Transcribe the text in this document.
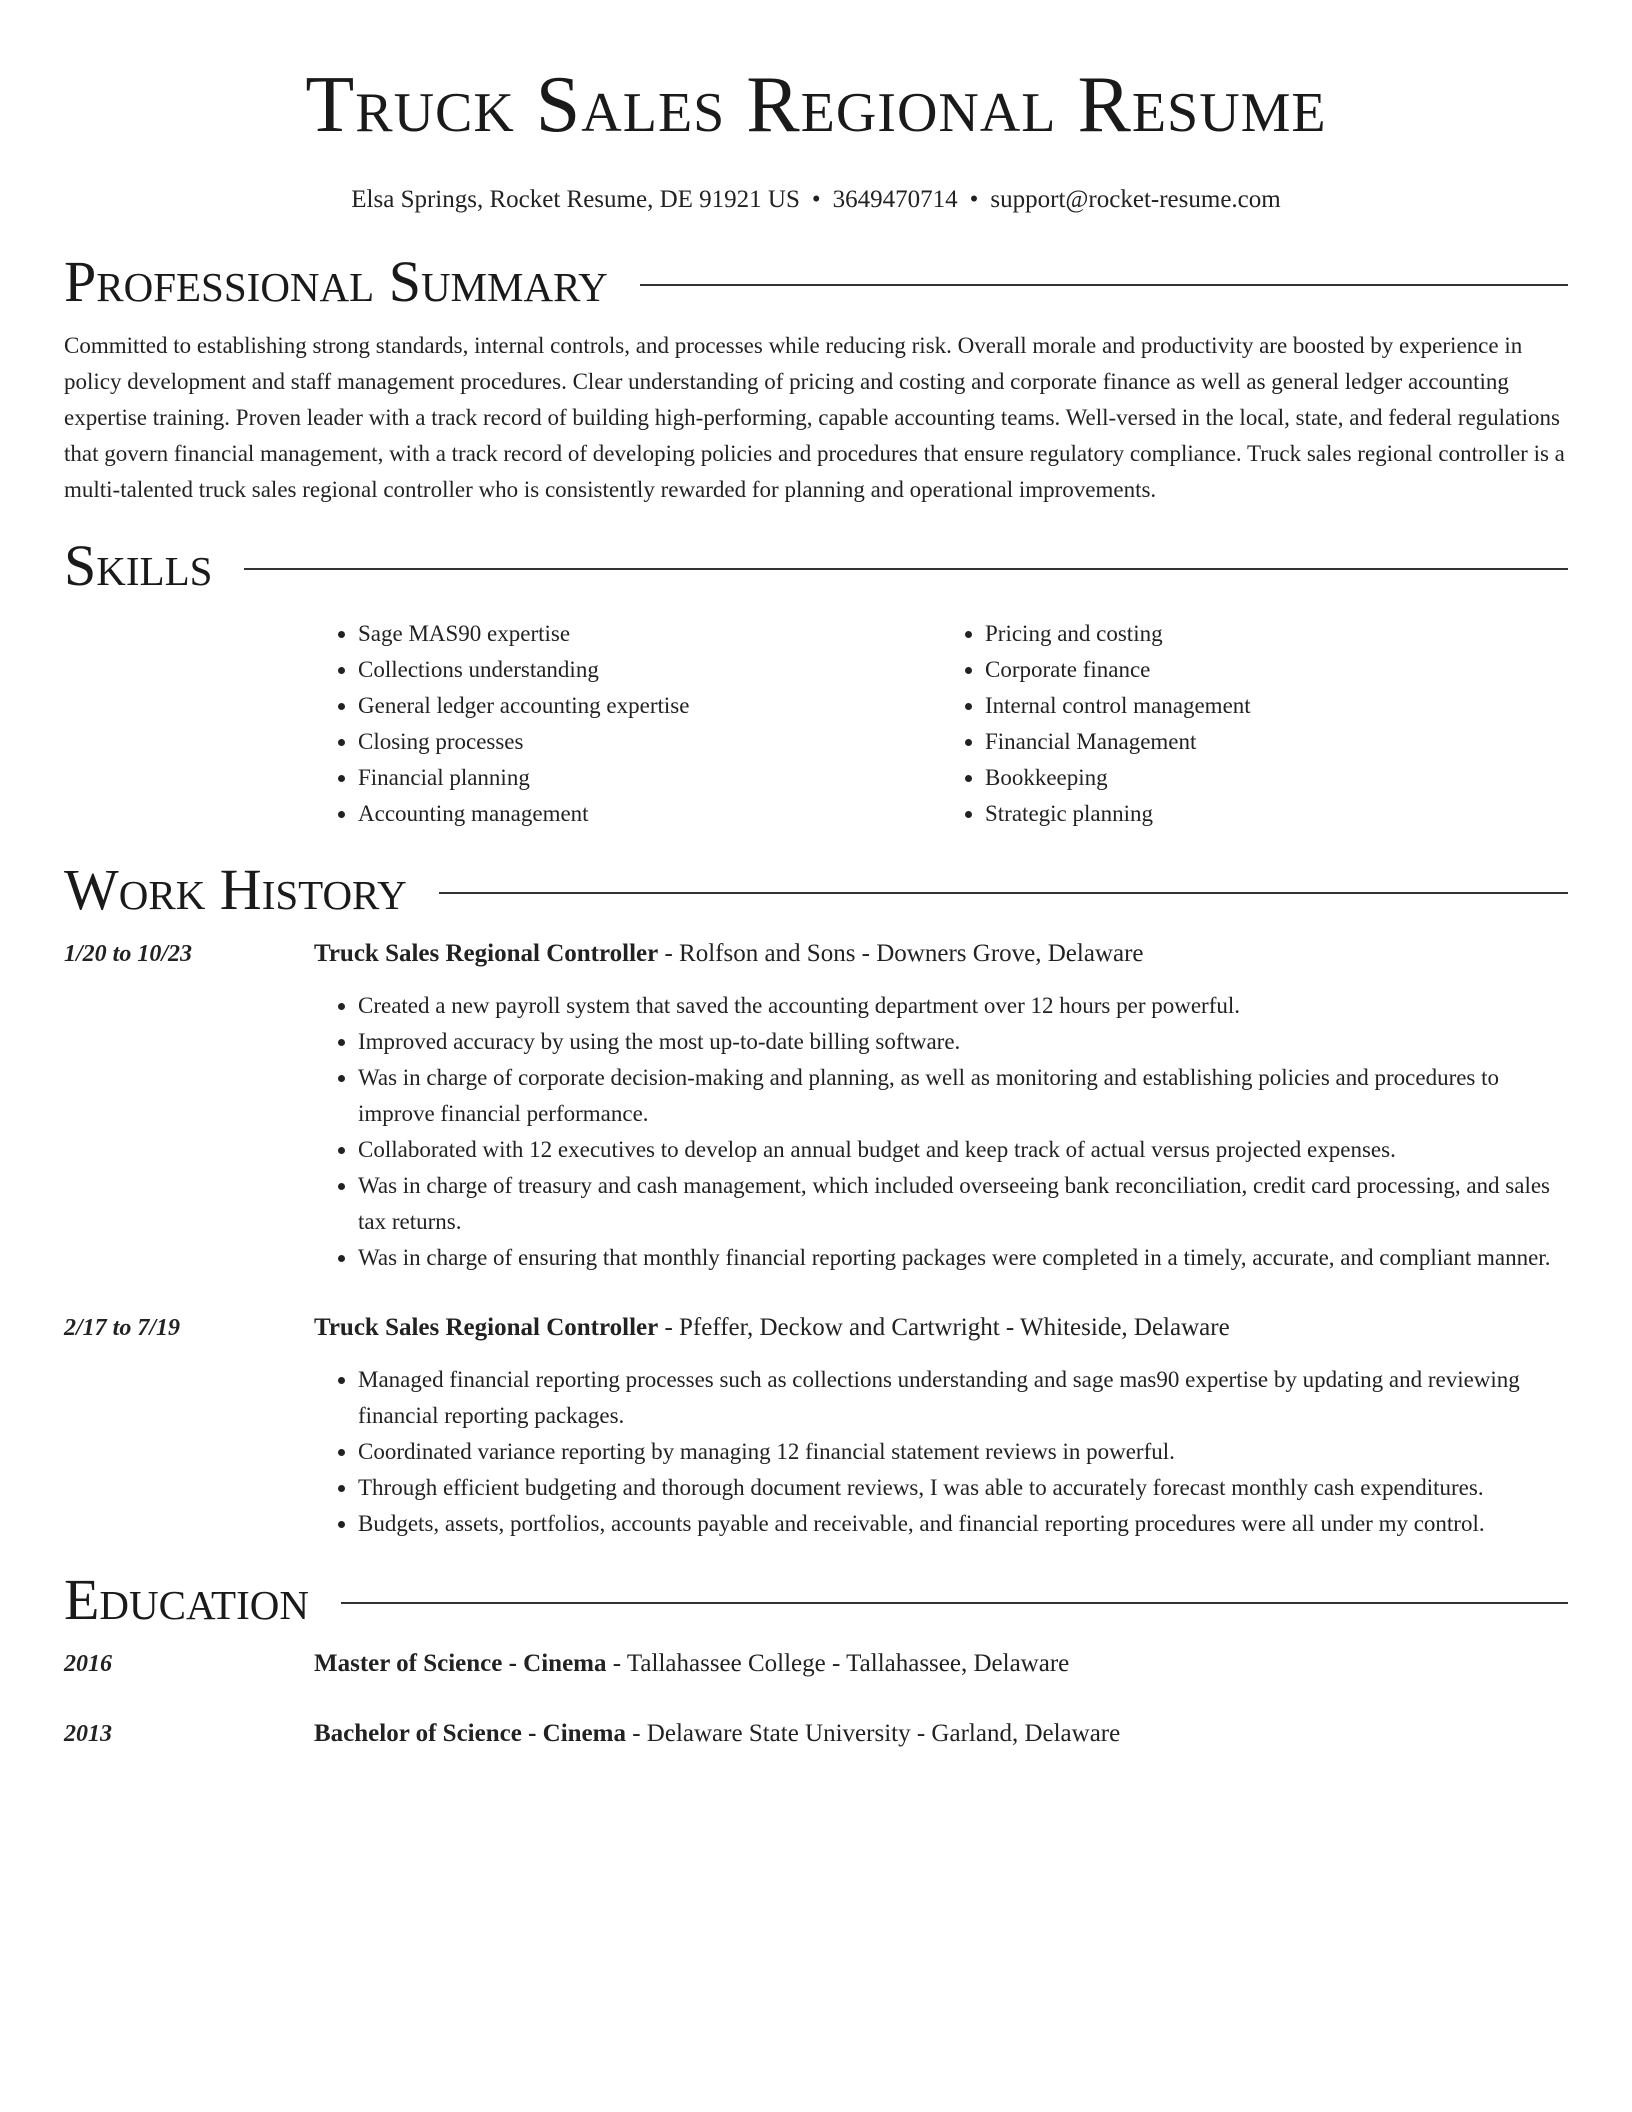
Truck Sales Regional Resume
Elsa Springs, Rocket Resume, DE 91921 US • 3649470714 • support@rocket-resume.com
Professional Summary

Committed to establishing strong standards, internal controls, and processes while reducing risk. Overall morale and productivity are boosted by experience in policy development and staff management procedures. Clear understanding of pricing and costing and corporate finance as well as general ledger accounting expertise training. Proven leader with a track record of building high-performing, capable accounting teams. Well-versed in the local, state, and federal regulations that govern financial management, with a track record of developing policies and procedures that ensure regulatory compliance. Truck sales regional controller is a multi-talented truck sales regional controller who is consistently rewarded for planning and operational improvements.

Skills
• Sage MAS90 expertise
• Collections understanding
• General ledger accounting expertise
• Closing processes
• Financial planning
• Accounting management
• Pricing and costing
• Corporate finance
• Internal control management
• Financial Management
• Bookkeeping
• Strategic planning
Work History
1/20 to 10/23	Truck Sales Regional Controller - Rolfson and Sons - Downers Grove, Delaware
• Created a new payroll system that saved the accounting department over 12 hours per powerful.
• Improved accuracy by using the most up-to-date billing software.
• Was in charge of corporate decision-making and planning, as well as monitoring and establishing policies and procedures to improve financial performance.
• Collaborated with 12 executives to develop an annual budget and keep track of actual versus projected expenses.
• Was in charge of treasury and cash management, which included overseeing bank reconciliation, credit card processing, and sales tax returns.
• Was in charge of ensuring that monthly financial reporting packages were completed in a timely, accurate, and compliant manner.
2/17 to 7/19	Truck Sales Regional Controller - Pfeffer, Deckow and Cartwright - Whiteside, Delaware
• Managed financial reporting processes such as collections understanding and sage mas90 expertise by updating and reviewing financial reporting packages.
• Coordinated variance reporting by managing 12 financial statement reviews in powerful.
• Through efficient budgeting and thorough document reviews, I was able to accurately forecast monthly cash expenditures.
• Budgets, assets, portfolios, accounts payable and receivable, and financial reporting procedures were all under my control.
Education
2016	Master of Science - Cinema - Tallahassee College - Tallahassee, Delaware
2013	Bachelor of Science - Cinema - Delaware State University - Garland, Delaware
